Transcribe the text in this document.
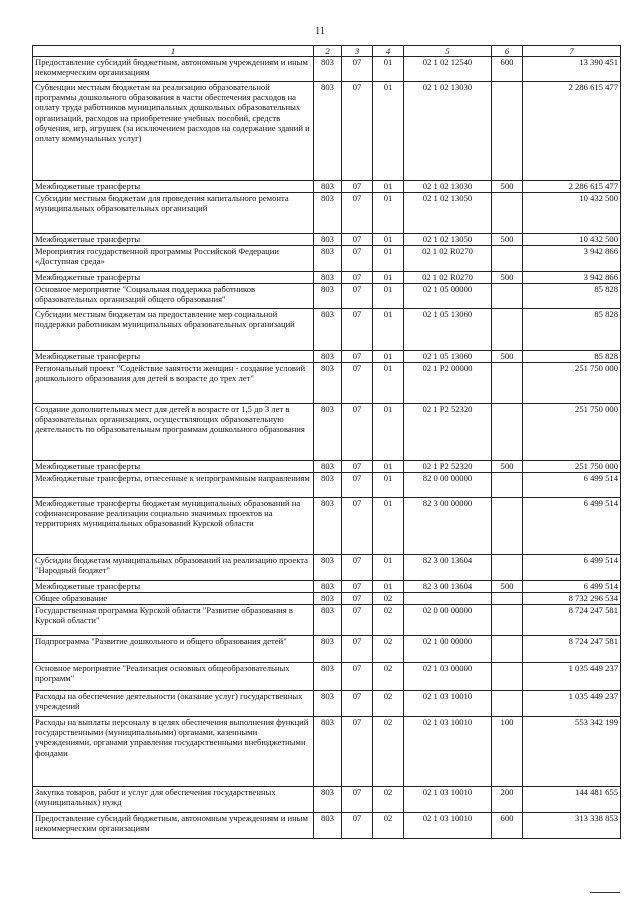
11
1	2	3	4	5	6	7
Предоставление субсидий бюджетным, автономным учреждениям и иным некоммерческим организациям	803	07	01	02 1 02 12540	600	13 390 451
Субвенции местным бюджетам на реализацию образовательной программы дошкольного образования в части обеспечения расходов на оплату труда работников муниципальных дошкольных образовательных организаций, расходов на приобретение учебных пособий, средств обучения, игр, игрушек (за исключением расходов на содержание зданий и оплату коммунальных услуг)	803	07	01	02 1 02 13030		2 286 615 477
Межбюджетные трансферты	803	07	01	02 1 02 13030	500	2 286 615 477
Субсидии местным бюджетам для проведения капитального ремонта муниципальных образовательных организаций	803	07	01	02 1 02 13050		10 432 500
Межбюджетные трансферты	803	07	01	02 1 02 13050	500	10 432 500
Мероприятия государственной программы Российской Федерации «Доступная среда»	803	07	01	02 1 02 R0270		3 942 866
Межбюджетные трансферты	803	07	01	02 1 02 R0270	500	3 942 866
Основное мероприятие "Социальная поддержка работников образовательных организаций общего образования"	803	07	01	02 1 05 00000		85 828
Субсидии местным бюджетам на предоставление мер социальной поддержки работникам муниципальных образовательных организаций	803	07	01	02 1 05 13060		85 828
Межбюджетные трансферты	803	07	01	02 1 05 13060	500	85 828
Региональный проект "Содействие занятости женщин - создание условий дошкольного образования для детей в возрасте до трех лет"	803	07	01	02 1 P2 00000		251 750 000
Создание дополнительных мест для детей в возрасте от 1,5 до 3 лет в образовательных организациях, осуществляющих образовательную деятельность по образовательным программам дошкольного образования	803	07	01	02 1 P2 52320		251 750 000
Межбюджетные трансферты	803	07	01	02 1 P2 52320	500	251 750 000
Межбюджетные трансферты, отнесенные к непрограммным направлениям	803	07	01	82 0 00 00000		6 499 514
Межбюджетные трансферты бюджетам муниципальных образований на софинансирование реализации социально значимых проектов на территориях муниципальных образований Курской области	803	07	01	82 3 00 00000		6 499 514
Субсидии бюджетам муниципальных образований на реализацию проекта "Народный бюджет"	803	07	01	82 3 00 13604		6 499 514
Межбюджетные трансферты	803	07	01	82 3 00 13604	500	6 499 514
Общее образование	803	07	02			8 732 296 534
Государственная программа Курской области "Развитие образования в Курской области"	803	07	02	02 0 00 00000		8 724 247 581
Подпрограмма "Развитие дошкольного и общего образования детей"	803	07	02	02 1 00 00000		8 724 247 581
Основное мероприятие "Реализация основных общеобразовательных программ"	803	07	02	02 1 03 00000		1 035 449 237
Расходы на обеспечение деятельности (оказание услуг) государственных учреждений	803	07	02	02 1 03 10010		1 035 449 237
Расходы на выплаты персоналу в целях обеспечения выполнения функций государственными (муниципальными) органами, казенными учреждениями, органами управления государственными внебюджетными фондами	803	07	02	02 1 03 10010	100	553 342 199
Закупка товаров, работ и услуг для обеспечения государственных (муниципальных) нужд	803	07	02	02 1 03 10010	200	144 481 655
Предоставление субсидий бюджетным, автономным учреждениям и иным некоммерческим организациям	803	07	02	02 1 03 10010	600	313 338 853
